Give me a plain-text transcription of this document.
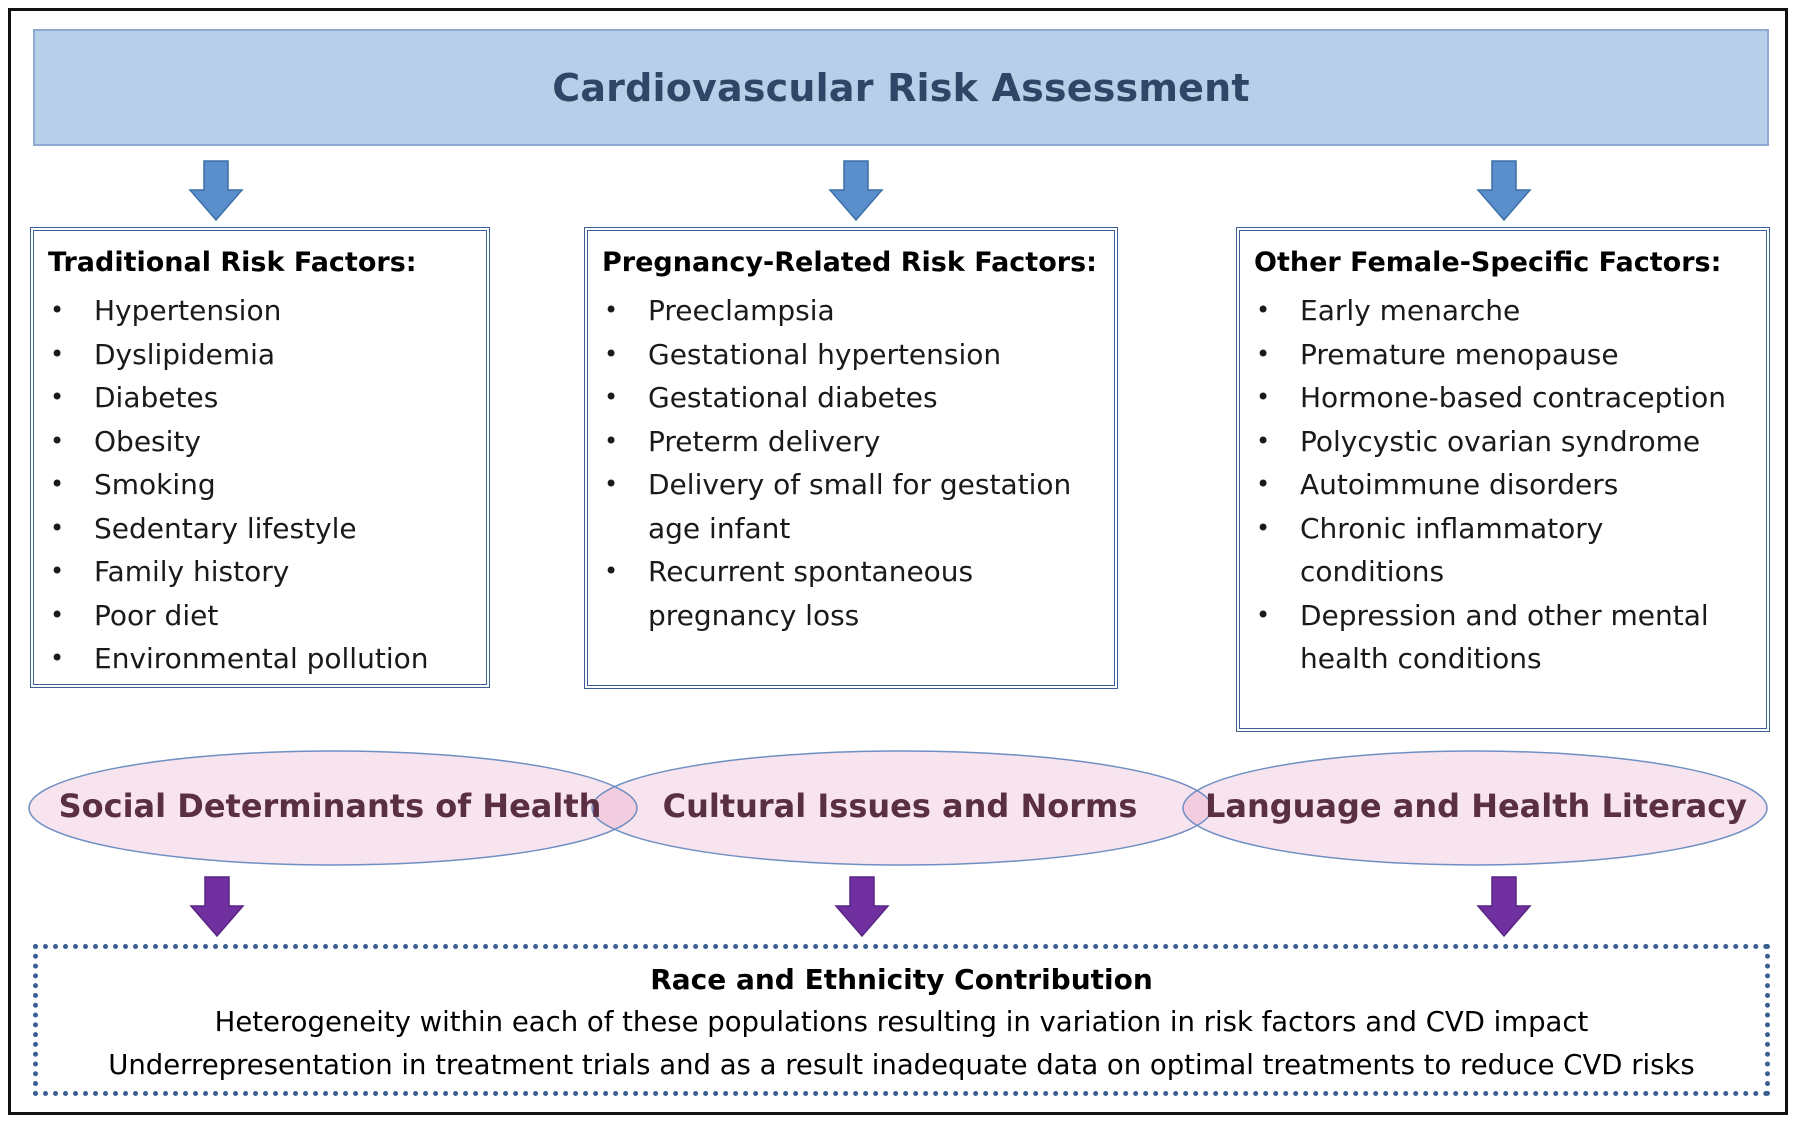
Cardiovascular Risk Assessment
Traditional Risk Factors:
• Hypertension
• Dyslipidemia
• Diabetes
• Obesity
• Smoking
• Sedentary lifestyle
• Family history
• Poor diet
• Environmental pollution
Pregnancy-Related Risk Factors:
• Preeclampsia
• Gestational hypertension
• Gestational diabetes
• Preterm delivery
• Delivery of small for gestation age infant
• Recurrent spontaneous pregnancy loss
Other Female-Specific Factors:
• Early menarche
• Premature menopause
• Hormone-based contraception
• Polycystic ovarian syndrome
• Autoimmune disorders
• Chronic inflammatory conditions
• Depression and other mental health conditions
Social Determinants of Health Cultural Issues and Norms Language and Health Literacy
Race and Ethnicity Contribution
Heterogeneity within each of these populations resulting in variation in risk factors and CVD impact
Underrepresentation in treatment trials and as a result inadequate data on optimal treatments to reduce CVD risks
